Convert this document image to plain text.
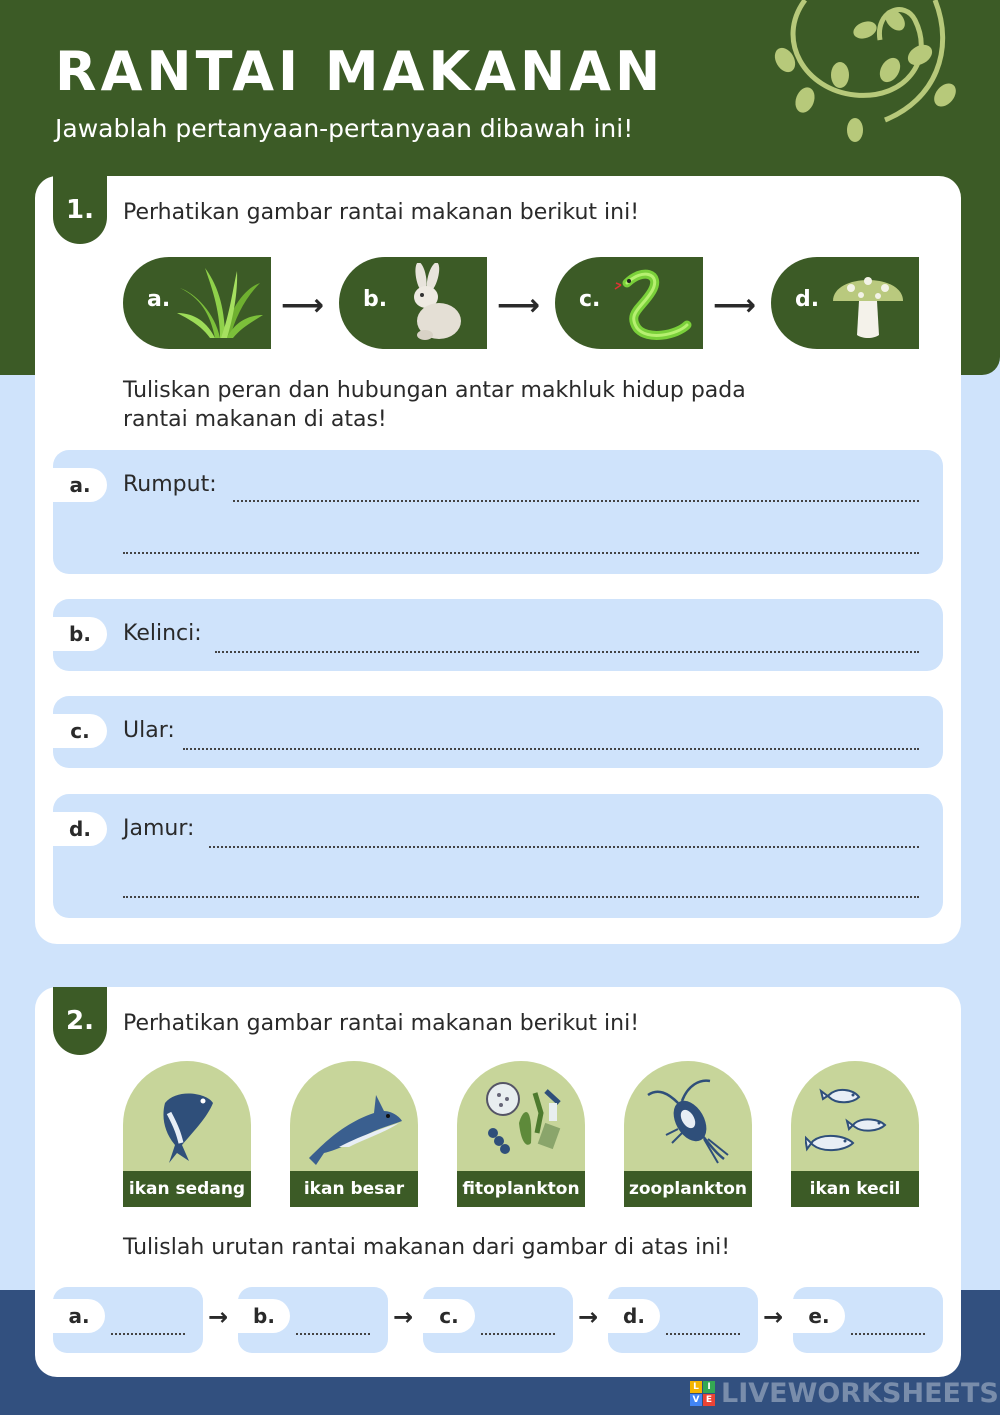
RANTAI MAKANAN
Jawablah pertanyaan-pertanyaan dibawah ini!
1.	Perhatikan gambar rantai makanan berikut ini!
a.	⟶ b.	⟶ c.	⟶ d.
Tuliskan peran dan hubungan antar makhluk hidup pada
rantai makanan di atas!
a.	Rumput:
b.	Kelinci:
c.	Ular:
d.	Jamur:
2.	Perhatikan gambar rantai makanan berikut ini!
ikan sedang	ikan besar	fitoplankton	zooplankton	ikan kecil
Tulislah urutan rantai makanan dari gambar di atas ini!
a.	→	b.	→	c.	→	d.	→	e.
L I
V E LIVEWORKSHEETS
